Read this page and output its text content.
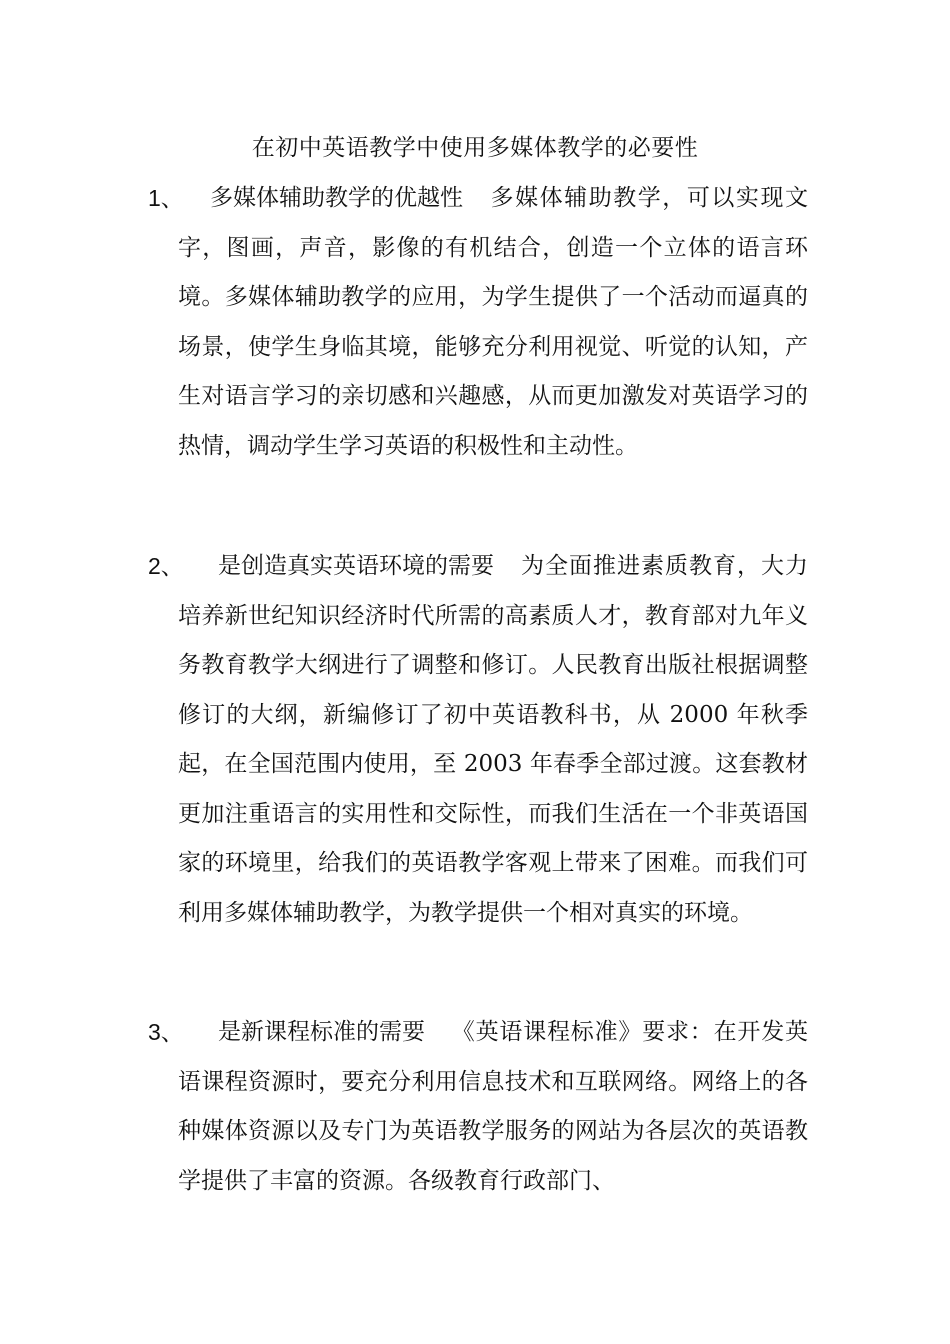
在初中英语教学中使用多媒体教学的必要性
1、	多媒体辅助教学的优越性 多媒体辅助教学，可以实现文字，图画，声音，影像的有机结合，创造一个立体的语言环境。多媒体辅助教学的应用，为学生提供了一个活动而逼真的场景，使学生身临其境，能够充分利用视觉、听觉的认知，产生对语言学习的亲切感和兴趣感，从而更加激发对英语学习的热情，调动学生学习英语的积极性和主动性。
2、	是创造真实英语环境的需要 为全面推进素质教育，大力培养新世纪知识经济时代所需的高素质人才，教育部对九年义务教育教学大纲进行了调整和修订。人民教育出版社根据调整修订的大纲，新编修订了初中英语教科书，从 2000 年秋季起，在全国范围内使用，至 2003 年春季全部过渡。这套教材更加注重语言的实用性和交际性，而我们生活在一个非英语国家的环境里，给我们的英语教学客观上带来了困难。而我们可利用多媒体辅助教学，为教学提供一个相对真实的环境。
3、	是新课程标准的需要 《英语课程标准》要求：在开发英语课程资源时，要充分利用信息技术和互联网络。网络上的各种媒体资源以及专门为英语教学服务的网站为各层次的英语教学提供了丰富的资源。各级教育行政部门、
